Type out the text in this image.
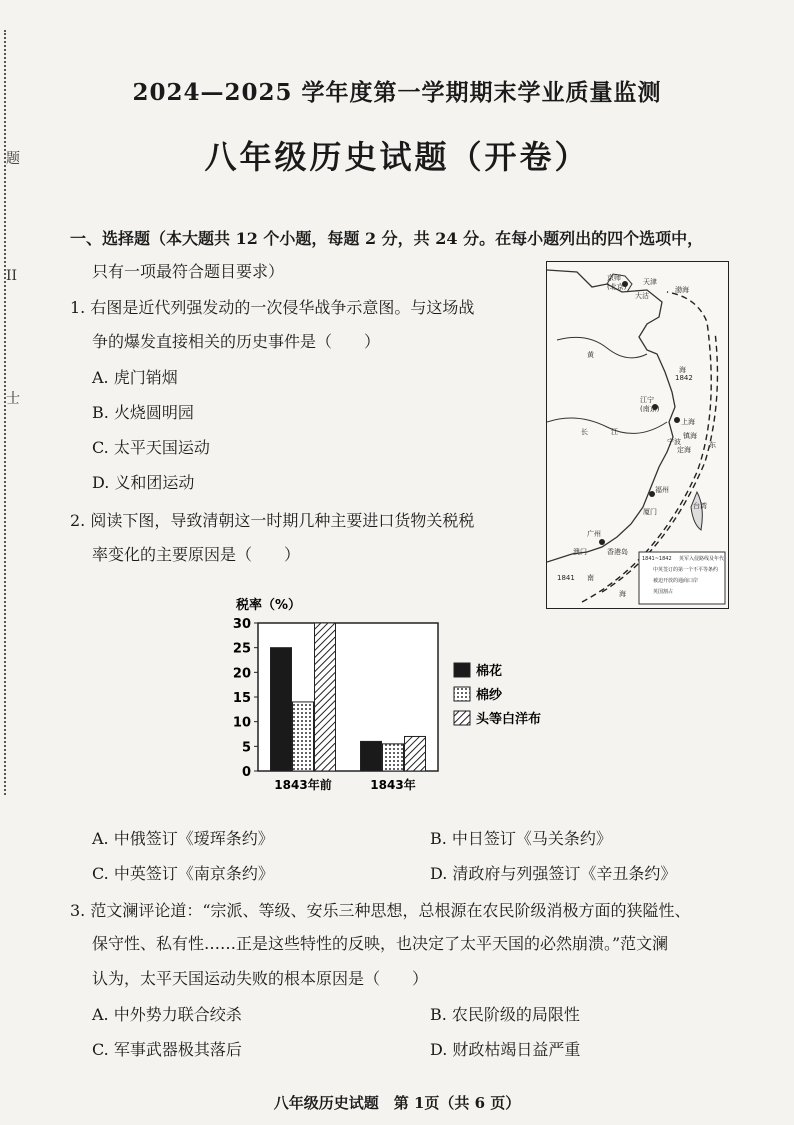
题
II
士
2024—2025 学年度第一学期期末学业质量监测
八年级历史试题（开卷）
一、选择题（本大题共 12 个小题，每题 2 分，共 24 分。在每小题列出的四个选项中，
只有一项最符合题目要求）
1. 右图是近代列强发动的一次侵华战争示意图。与这场战
争的爆发直接相关的历史事件是（　　）
A. 虎门销烟
B. 火烧圆明园
C. 太平天国运动
D. 义和团运动
京师
(北京)
天津
大沽
黄
海
渤海
1842
江宁
(南京)
上海
镇海
定海
宁波
江
长
东
福州
厦门
台湾
广州
香港岛
澳门
南
海
1841
1841~1842 英军入侵路线及年代
中英签订的第一个不平等条约
被迫开放的通商口岸
英国割占
2. 阅读下图，导致清朝这一时期几种主要进口货物关税税
率变化的主要原因是（　　）
税率（%）
0
5
10
15
20
25
30
1843年前	1843年
棉花
棉纱
头等白洋布
A. 中俄签订《瑷珲条约》	B. 中日签订《马关条约》
C. 中英签订《南京条约》	D. 清政府与列强签订《辛丑条约》
3. 范文澜评论道：“宗派、等级、安乐三种思想，总根源在农民阶级消极方面的狭隘性、
保守性、私有性……正是这些特性的反映，也决定了太平天国的必然崩溃。”范文澜
认为，太平天国运动失败的根本原因是（　　）
A. 中外势力联合绞杀	B. 农民阶级的局限性
C. 军事武器极其落后	D. 财政枯竭日益严重
八年级历史试题　第 1页（共 6 页）
